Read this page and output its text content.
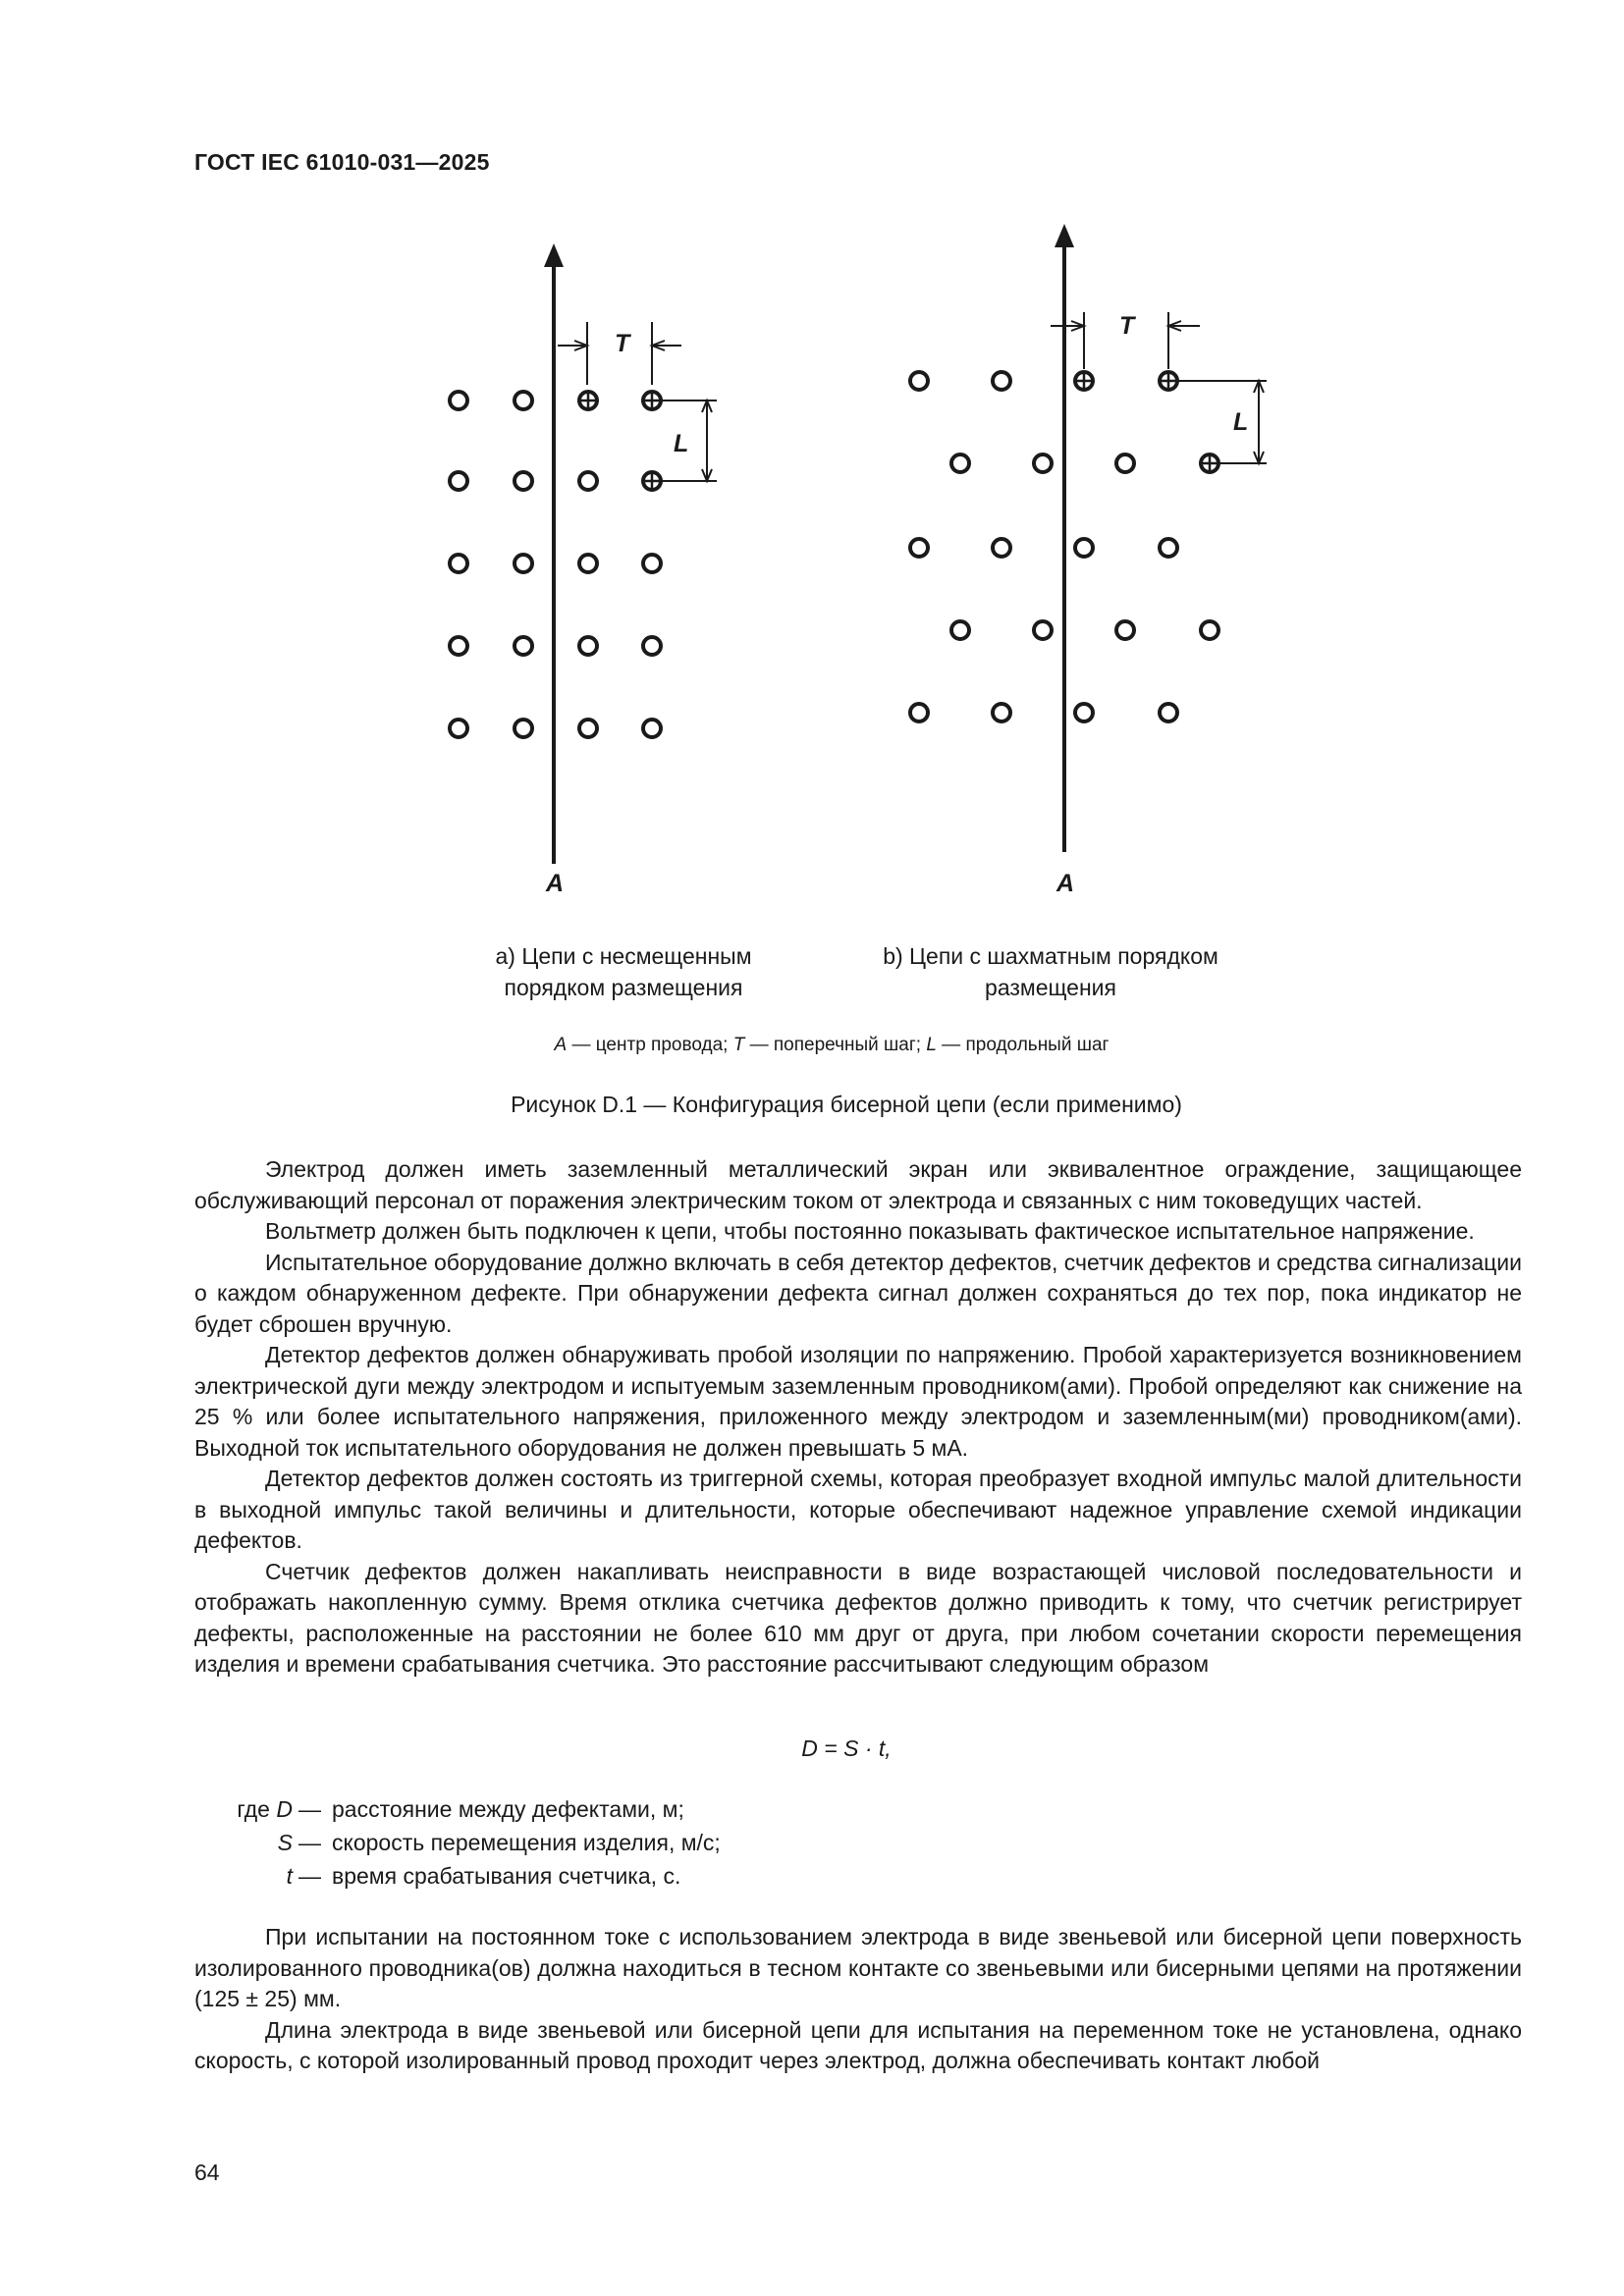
ГОСТ IEC 61010-031—2025
A
T
L
A
T
L
a) Цепи с несмещенным порядком размещения
b) Цепи с шахматным порядком размещения
A — центр провода; T — поперечный шаг; L — продольный шаг
Рисунок D.1 — Конфигурация бисерной цепи (если применимо)

Электрод должен иметь заземленный металлический экран или эквивалентное ограждение, защищающее обслуживающий персонал от поражения электрическим током от электрода и связанных с ним токоведущих частей.

Вольтметр должен быть подключен к цепи, чтобы постоянно показывать фактическое испытательное напряжение.

Испытательное оборудование должно включать в себя детектор дефектов, счетчик дефектов и средства сигнализации о каждом обнаруженном дефекте. При обнаружении дефекта сигнал должен сохраняться до тех пор, пока индикатор не будет сброшен вручную.

Детектор дефектов должен обнаруживать пробой изоляции по напряжению. Пробой характеризуется возникновением электрической дуги между электродом и испытуемым заземленным проводником(ами). Пробой определяют как снижение на 25 % или более испытательного напряжения, приложенного между электродом и заземленным(ми) проводником(ами). Выходной ток испытательного оборудования не должен превышать 5 мА.

Детектор дефектов должен состоять из триггерной схемы, которая преобразует входной импульс малой длительности в выходной импульс такой величины и длительности, которые обеспечивают надежное управление схемой индикации дефектов.

Счетчик дефектов должен накапливать неисправности в виде возрастающей числовой последовательности и отображать накопленную сумму. Время отклика счетчика дефектов должно приводить к тому, что счетчик регистрирует дефекты, расположенные на расстоянии не более 610 мм друг от друга, при любом сочетании скорости перемещения изделия и времени срабатывания счетчика. Это расстояние рассчитывают следующим образом

D = S · t,
где D — расстояние между дефектами, м;
S — скорость перемещения изделия, м/с;
t — время срабатывания счетчика, с.

При испытании на постоянном токе с использованием электрода в виде звеньевой или бисерной цепи поверхность изолированного проводника(ов) должна находиться в тесном контакте со звеньевыми или бисерными цепями на протяжении (125 ± 25) мм.

Длина электрода в виде звеньевой или бисерной цепи для испытания на переменном токе не установлена, однако скорость, с которой изолированный провод проходит через электрод, должна обеспечивать контакт любой

64
